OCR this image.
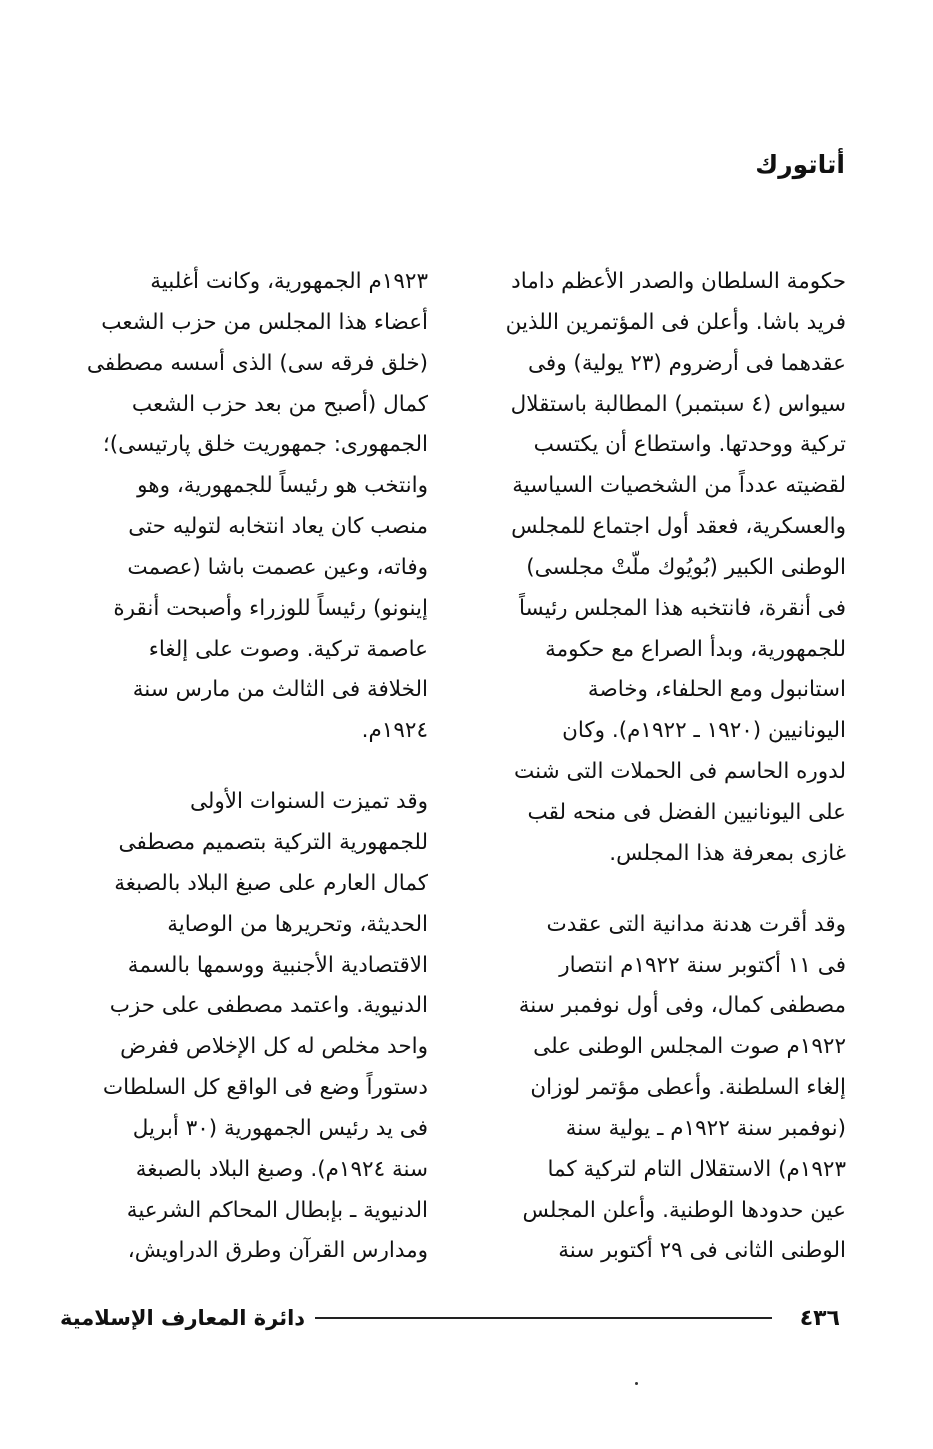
أتاتورك
حكومة السلطان والصدر الأعظم داماد
فريد باشا. وأعلن فى المؤتمرين اللذين
عقدهما فى أرضروم (٢٣ يولية) وفى
سيواس (٤ سبتمبر) المطالبة باستقلال
تركية ووحدتها. واستطاع أن يكتسب
لقضيته عدداً من الشخصيات السياسية
والعسكرية، فعقد أول اجتماع للمجلس
الوطنى الكبير (بُويُوك ملّتْ مجلسى)
فى أنقرة، فانتخبه هذا المجلس رئيساً
للجمهورية، وبدأ الصراع مع حكومة
استانبول ومع الحلفاء، وخاصة
اليونانيين (١٩٢٠ ـ ١٩٢٢م). وكان
لدوره الحاسم فى الحملات التى شنت
على اليونانيين الفضل فى منحه لقب
غازى بمعرفة هذا المجلس.
وقد أقرت هدنة مدانية التى عقدت
فى ١١ أكتوبر سنة ١٩٢٢م انتصار
مصطفى كمال، وفى أول نوفمبر سنة
١٩٢٢م صوت المجلس الوطنى على
إلغاء السلطنة. وأعطى مؤتمر لوزان
(نوفمبر سنة ١٩٢٢م ـ يولية سنة
١٩٢٣م) الاستقلال التام لتركية كما
عين حدودها الوطنية. وأعلن المجلس
الوطنى الثانى فى ٢٩ أكتوبر سنة
١٩٢٣م الجمهورية، وكانت أغلبية
أعضاء هذا المجلس من حزب الشعب
(خلق فرقه سى) الذى أسسه مصطفى
كمال (أصبح من بعد حزب الشعب
الجمهورى: جمهوريت خلق پارتيسى)؛
وانتخب هو رئيساً للجمهورية، وهو
منصب كان يعاد انتخابه لتوليه حتى
وفاته، وعين عصمت باشا (عصمت
إينونو) رئيساً للوزراء وأصبحت أنقرة
عاصمة تركية. وصوت على إلغاء
الخلافة فى الثالث من مارس سنة
١٩٢٤م.
وقد تميزت السنوات الأولى
للجمهورية التركية بتصميم مصطفى
كمال العارم على صبغ البلاد بالصبغة
الحديثة، وتحريرها من الوصاية
الاقتصادية الأجنبية ووسمها بالسمة
الدنيوية. واعتمد مصطفى على حزب
واحد مخلص له كل الإخلاص ففرض
دستوراً وضع فى الواقع كل السلطات
فى يد رئيس الجمهورية (٣٠ أبريل
سنة ١٩٢٤م). وصبغ البلاد بالصبغة
الدنيوية ـ بإبطال المحاكم الشرعية
ومدارس القرآن وطرق الدراويش،
٤٣٦
دائرة المعارف الإسلامية
